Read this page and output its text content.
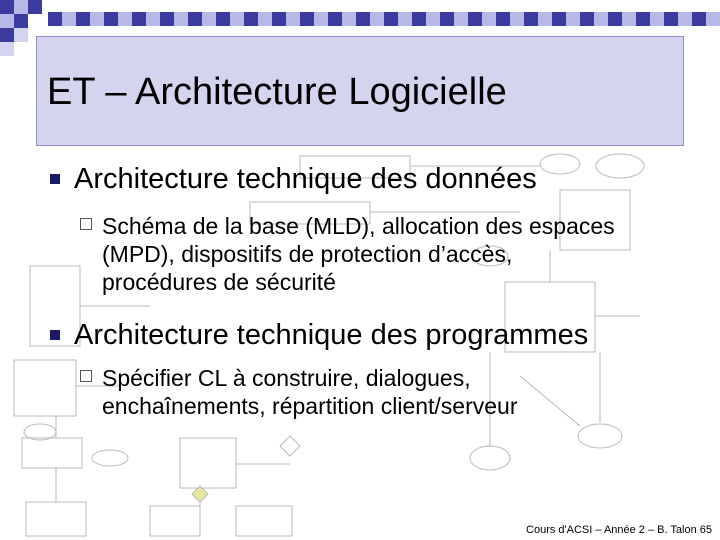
ET – Architecture Logicielle
Architecture technique des données
Schéma de la base (MLD), allocation des espaces (MPD), dispositifs de protection d’accès, procédures de sécurité
Architecture technique des programmes
Spécifier CL à construire, dialogues, enchaînements, répartition client/serveur
Cours d'ACSI – Année 2 – B. Talon 65
